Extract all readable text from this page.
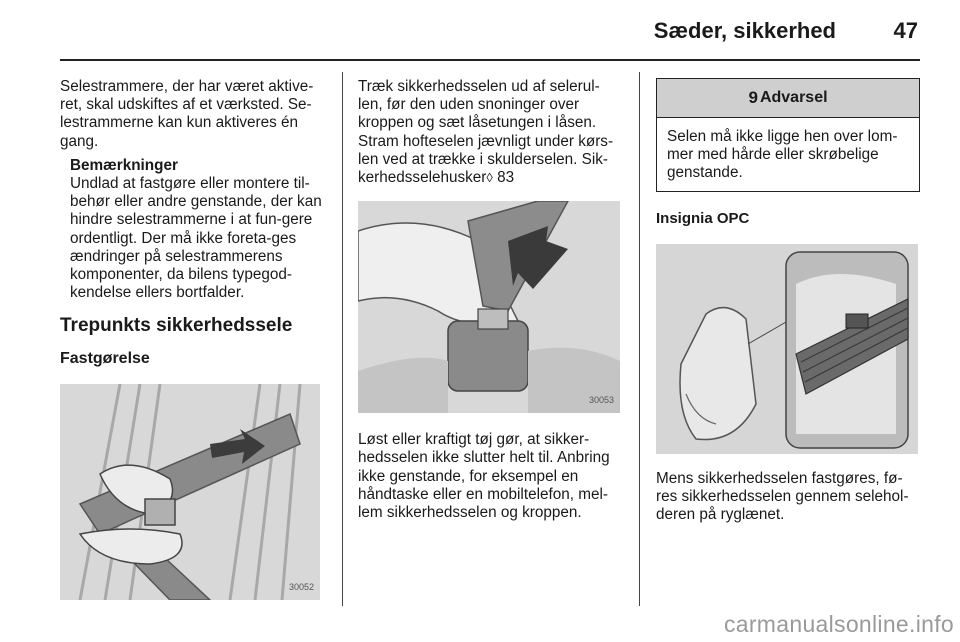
Sæder, sikkerhed	47

Selestrammere, der har været aktive-ret, skal udskiftes af et værksted. Se-lestrammerne kan kun aktiveres én gang.

Bemærkninger

Undlad at fastgøre eller montere til-behør eller andre genstande, der kan hindre selestrammerne i at fun-gere ordentligt. Der må ikke foreta-ges ændringer på selestrammerens komponenter, da bilens typegod-kendelse ellers bortfalder.

Trepunkts sikkerhedssele
Fastgørelse
30052

Træk sikkerhedsselen ud af selerul-len, før den uden snoninger over kroppen og sæt låsetungen i låsen. Stram hofteselen jævnligt under kørs-len ved at trække i skulderselen. Sik-kerhedsselehusker◊ 83

30053

Løst eller kraftigt tøj gør, at sikker-hedsselen ikke slutter helt til. Anbring ikke genstande, for eksempel en håndtaske eller en mobiltelefon, mel-lem sikkerhedsselen og kroppen.

9 Advarsel
Selen må ikke ligge hen over lom-mer med hårde eller skrøbelige genstande.
Insignia OPC

Mens sikkerhedsselen fastgøres, fø-res sikkerhedsselen gennem selehol-deren på ryglænet.

carmanualsonline.info
